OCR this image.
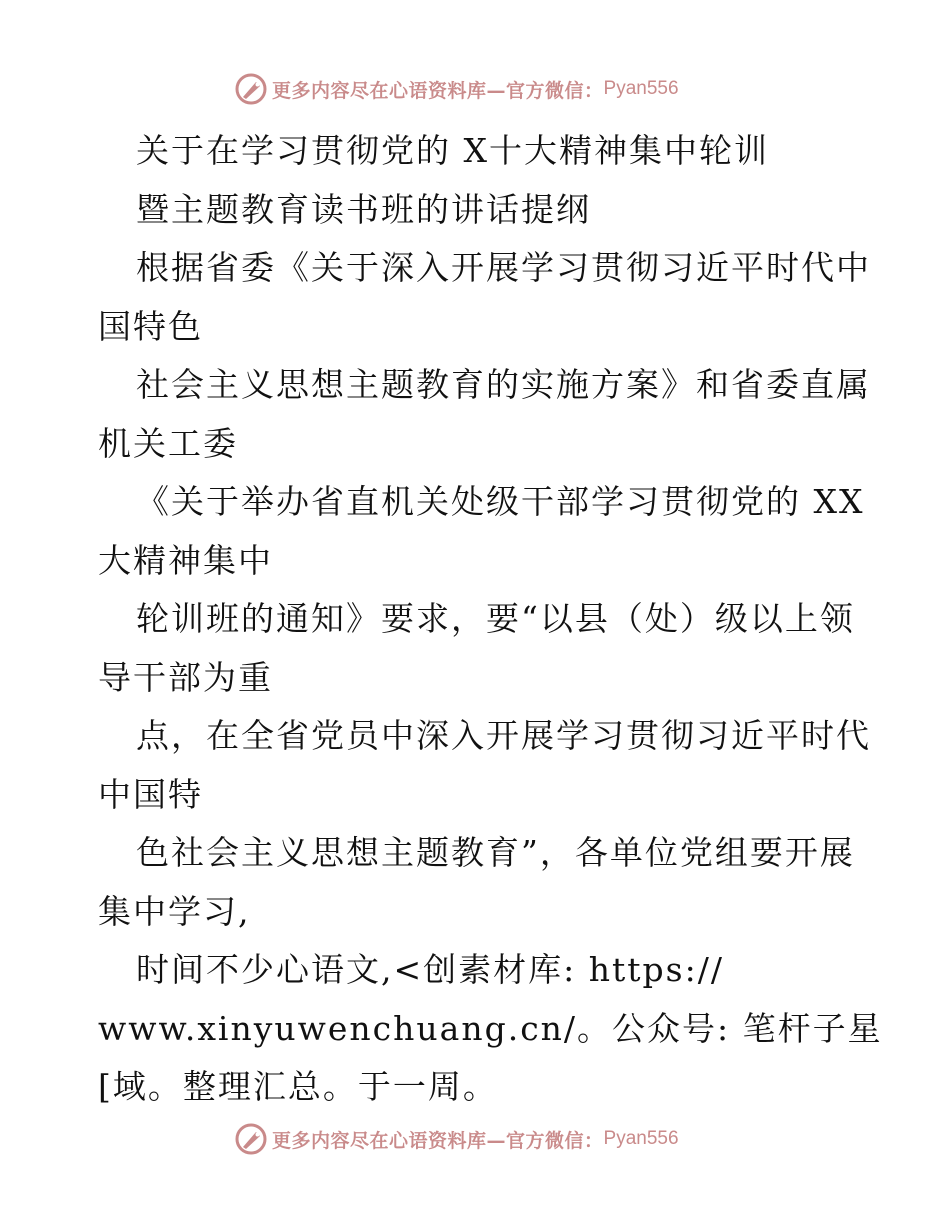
更多内容尽在心语资料库—官方微信： Pyan556
关于在学习贯彻党的 X十大精神集中轮训
暨主题教育读书班的讲话提纲
根据省委《关于深入开展学习贯彻习近平时代中
国特色
社会主义思想主题教育的实施方案》和省委直属
机关工委
《关于举办省直机关处级干部学习贯彻党的 XX
大精神集中
轮训班的通知》要求，要“以县（处）级以上领
导干部为重
点，在全省党员中深入开展学习贯彻习近平时代
中国特
色社会主义思想主题教育”，各单位党组要开展
集中学习,
时间不少心语文,<创素材库: https://
www.xinyuwenchuang.cn/。公众号: 笔杆子星
[域。整理汇总。于一周。
更多内容尽在心语资料库—官方微信： Pyan556
